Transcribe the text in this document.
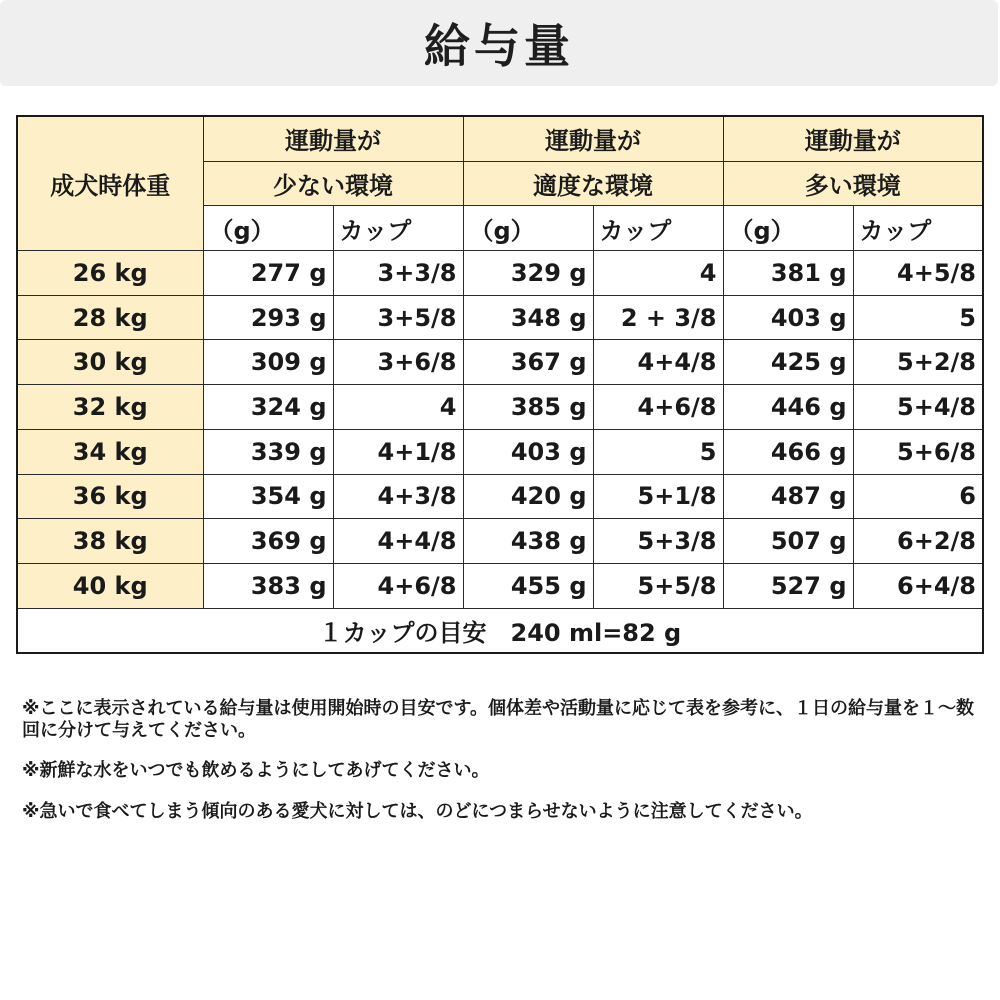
給与量
成犬時体重	運動量が		運動量が		運動量が	
	少ない環境		適度な環境		多い環境	
	（g）	カップ	（g）	カップ	（g）	カップ
26 kg	277 g	3+3/8	329 g	4	381 g	4+5/8
28 kg	293 g	3+5/8	348 g	2 + 3/8	403 g	5
30 kg	309 g	3+6/8	367 g	4+4/8	425 g	5+2/8
32 kg	324 g	4	385 g	4+6/8	446 g	5+4/8
34 kg	339 g	4+1/8	403 g	5	466 g	5+6/8
36 kg	354 g	4+3/8	420 g	5+1/8	487 g	6
38 kg	369 g	4+4/8	438 g	5+3/8	507 g	6+2/8
40 kg	383 g	4+6/8	455 g	5+5/8	527 g	6+4/8
１カップの目安　240 ml=82 g						

※ここに表示されている給与量は使用開始時の目安です。個体差や活動量に応じて表を参考に、１日の給与量を１～数回に分けて与えてください。

※新鮮な水をいつでも飲めるようにしてあげてください。

※急いで食べてしまう傾向のある愛犬に対しては、のどにつまらせないように注意してください。
